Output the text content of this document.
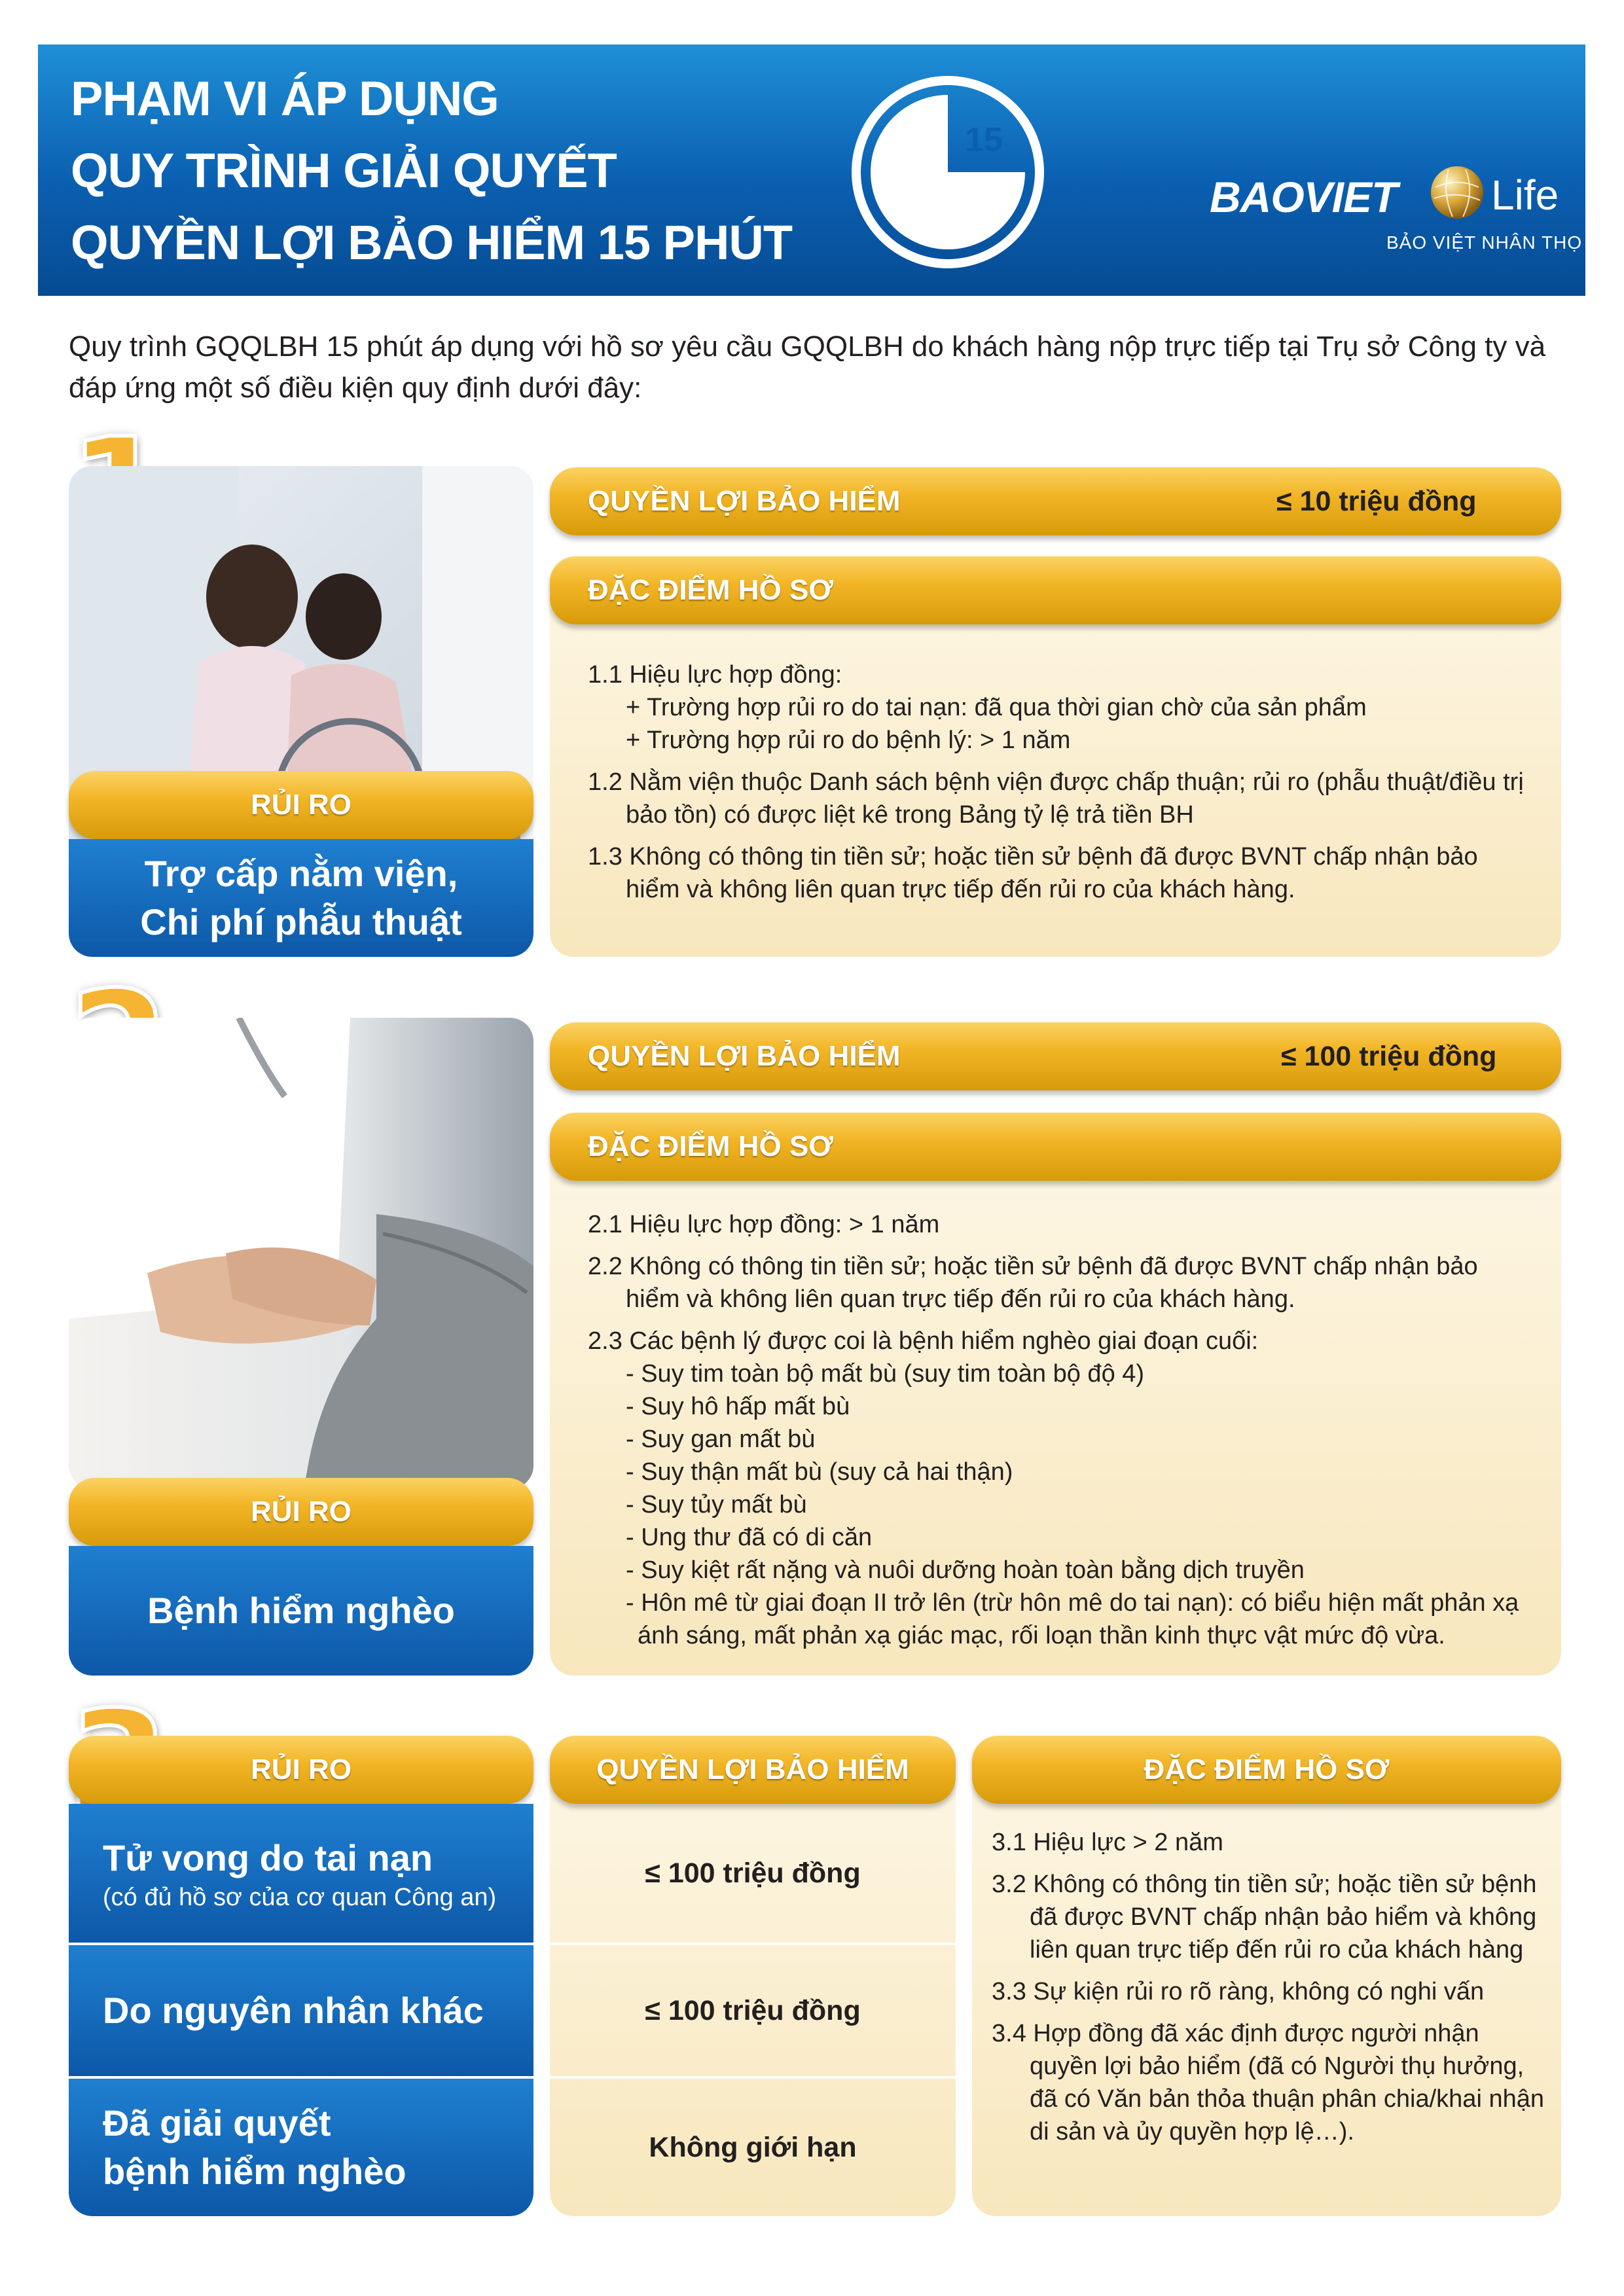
PHẠM VI ÁP DỤNG
QUY TRÌNH GIẢI QUYẾT
QUYỀN LỢI BẢO HIỂM 15 PHÚT
15
BAOVIET Life
BẢO VIỆT NHÂN THỌ
Quy trình GQQLBH 15 phút áp dụng với hồ sơ yêu cầu GQQLBH do khách hàng nộp trực tiếp tại Trụ sở Công ty và đáp ứng một số điều kiện quy định dưới đây:
RỦI RO
Trợ cấp nằm viện,
Chi phí phẫu thuật
QUYỀN LỢI BẢO HIỂM	≤ 10 triệu đồng
ĐẶC ĐIỂM HỒ SƠ

1.1 Hiệu lực hợp đồng:

+ Trường hợp rủi ro do tai nạn: đã qua thời gian chờ của sản phẩm

+ Trường hợp rủi ro do bệnh lý: > 1 năm

1.2 Nằm viện thuộc Danh sách bệnh viện được chấp thuận; rủi ro (phẫu thuật/điều trị bảo tồn) có được liệt kê trong Bảng tỷ lệ trả tiền BH

1.3 Không có thông tin tiền sử; hoặc tiền sử bệnh đã được BVNT chấp nhận bảo hiểm và không liên quan trực tiếp đến rủi ro của khách hàng.

RỦI RO
Bệnh hiểm nghèo
QUYỀN LỢI BẢO HIỂM	≤ 100 triệu đồng
ĐẶC ĐIỂM HỒ SƠ

2.1 Hiệu lực hợp đồng: > 1 năm

2.2 Không có thông tin tiền sử; hoặc tiền sử bệnh đã được BVNT chấp nhận bảo hiểm và không liên quan trực tiếp đến rủi ro của khách hàng.

2.3 Các bệnh lý được coi là bệnh hiểm nghèo giai đoạn cuối:

- Suy tim toàn bộ mất bù (suy tim toàn bộ độ 4)

- Suy hô hấp mất bù

- Suy gan mất bù

- Suy thận mất bù (suy cả hai thận)

- Suy tủy mất bù

- Ung thư đã có di căn

- Suy kiệt rất nặng và nuôi dưỡng hoàn toàn bằng dịch truyền

- Hôn mê từ giai đoạn II trở lên (trừ hôn mê do tai nạn): có biểu hiện mất phản xạ ánh sáng, mất phản xạ giác mạc, rối loạn thần kinh thực vật mức độ vừa.

RỦI RO
Tử vong do tai nạn
(có đủ hồ sơ của cơ quan Công an)
Do nguyên nhân khác
Đã giải quyết
bệnh hiểm nghèo
QUYỀN LỢI BẢO HIỂM
≤ 100 triệu đồng
≤ 100 triệu đồng
Không giới hạn
ĐẶC ĐIỂM HỒ SƠ

3.1 Hiệu lực > 2 năm

3.2 Không có thông tin tiền sử; hoặc tiền sử bệnh đã được BVNT chấp nhận bảo hiểm và không liên quan trực tiếp đến rủi ro của khách hàng

3.3 Sự kiện rủi ro rõ ràng, không có nghi vấn

3.4 Hợp đồng đã xác định được người nhận quyền lợi bảo hiểm (đã có Người thụ hưởng, đã có Văn bản thỏa thuận phân chia/khai nhận di sản và ủy quyền hợp lệ…).
